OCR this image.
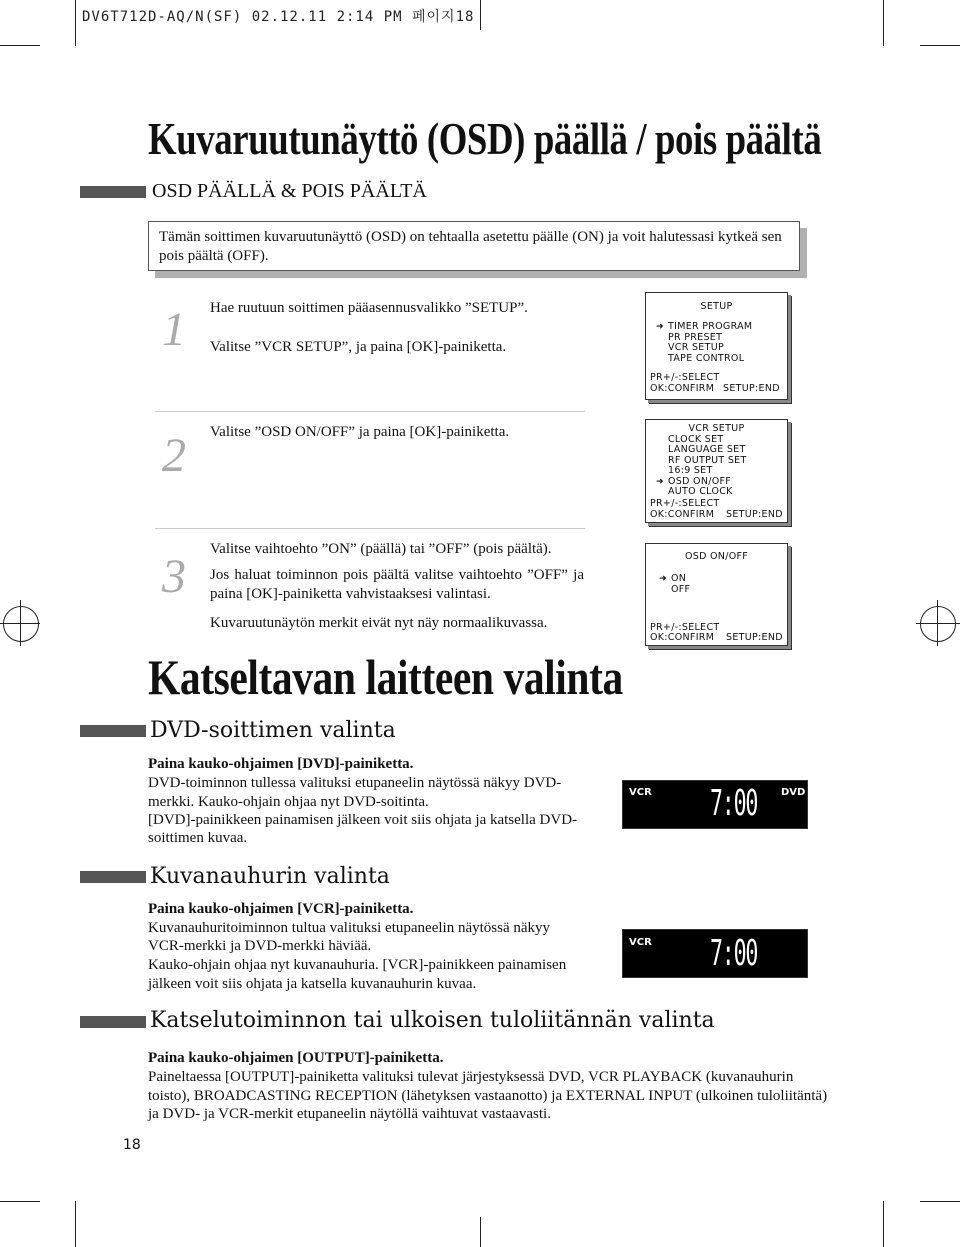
DV6T712D-AQ/N(SF) 02.12.11 2:14 PM 페이지18
Kuvaruutunäyttö (OSD) päällä / pois päältä
OSD PÄÄLLÄ & POIS PÄÄLTÄ
Tämän soittimen kuvaruutunäyttö (OSD) on tehtaalla asetettu päälle (ON) ja voit halutessasi kytkeä sen pois päältä (OFF).
1 Hae ruutuun soittimen pääasennusvalikko ”SETUP”.
Valitse ”VCR SETUP”, ja paina [OK]-painiketta.
2 Valitse ”OSD ON/OFF” ja paina [OK]-painiketta.
3
Valitse vaihtoehto ”ON” (päällä) tai ”OFF” (pois päältä).
Jos haluat toiminnon pois päältä valitse vaihtoehto ”OFF” ja paina [OK]-painiketta vahvistaaksesi valintasi.
Kuvaruutunäytön merkit eivät nyt näy normaalikuvassa.
SETUP
➜ TIMER PROGRAM
PR PRESET
VCR SETUP
TAPE CONTROL
PR+/-:SELECT
OK:CONFIRM SETUP:END
VCR SETUP
CLOCK SET
LANGUAGE SET
RF OUTPUT SET
16:9 SET
➜ OSD ON/OFF
AUTO CLOCK
PR+/-:SELECT
OK:CONFIRM SETUP:END
OSD ON/OFF
➜ ON
OFF
PR+/-:SELECT
OK:CONFIRM SETUP:END
Katseltavan laitteen valinta
DVD-soittimen valinta
Paina kauko-ohjaimen [DVD]-painiketta.
DVD-toiminnon tullessa valituksi etupaneelin näytössä näkyy DVD-
merkki. Kauko-ohjain ohjaa nyt DVD-soitinta.
[DVD]-painikkeen painamisen jälkeen voit siis ohjata ja katsella DVD-
soittimen kuvaa.
VCR 7:00 DVD
Kuvanauhurin valinta
Paina kauko-ohjaimen [VCR]-painiketta.
Kuvanauhuritoiminnon tultua valituksi etupaneelin näytössä näkyy
VCR-merkki ja DVD-merkki häviää.
Kauko-ohjain ohjaa nyt kuvanauhuria. [VCR]-painikkeen painamisen
jälkeen voit siis ohjata ja katsella kuvanauhurin kuvaa.
VCR 7:00
Katselutoiminnon tai ulkoisen tuloliitännän valinta
Paina kauko-ohjaimen [OUTPUT]-painiketta.
Paineltaessa [OUTPUT]-painiketta valituksi tulevat järjestyksessä DVD, VCR PLAYBACK (kuvanauhurin
toisto), BROADCASTING RECEPTION (lähetyksen vastaanotto) ja EXTERNAL INPUT (ulkoinen tuloliitäntä)
ja DVD- ja VCR-merkit etupaneelin näytöllä vaihtuvat vastaavasti.
18
